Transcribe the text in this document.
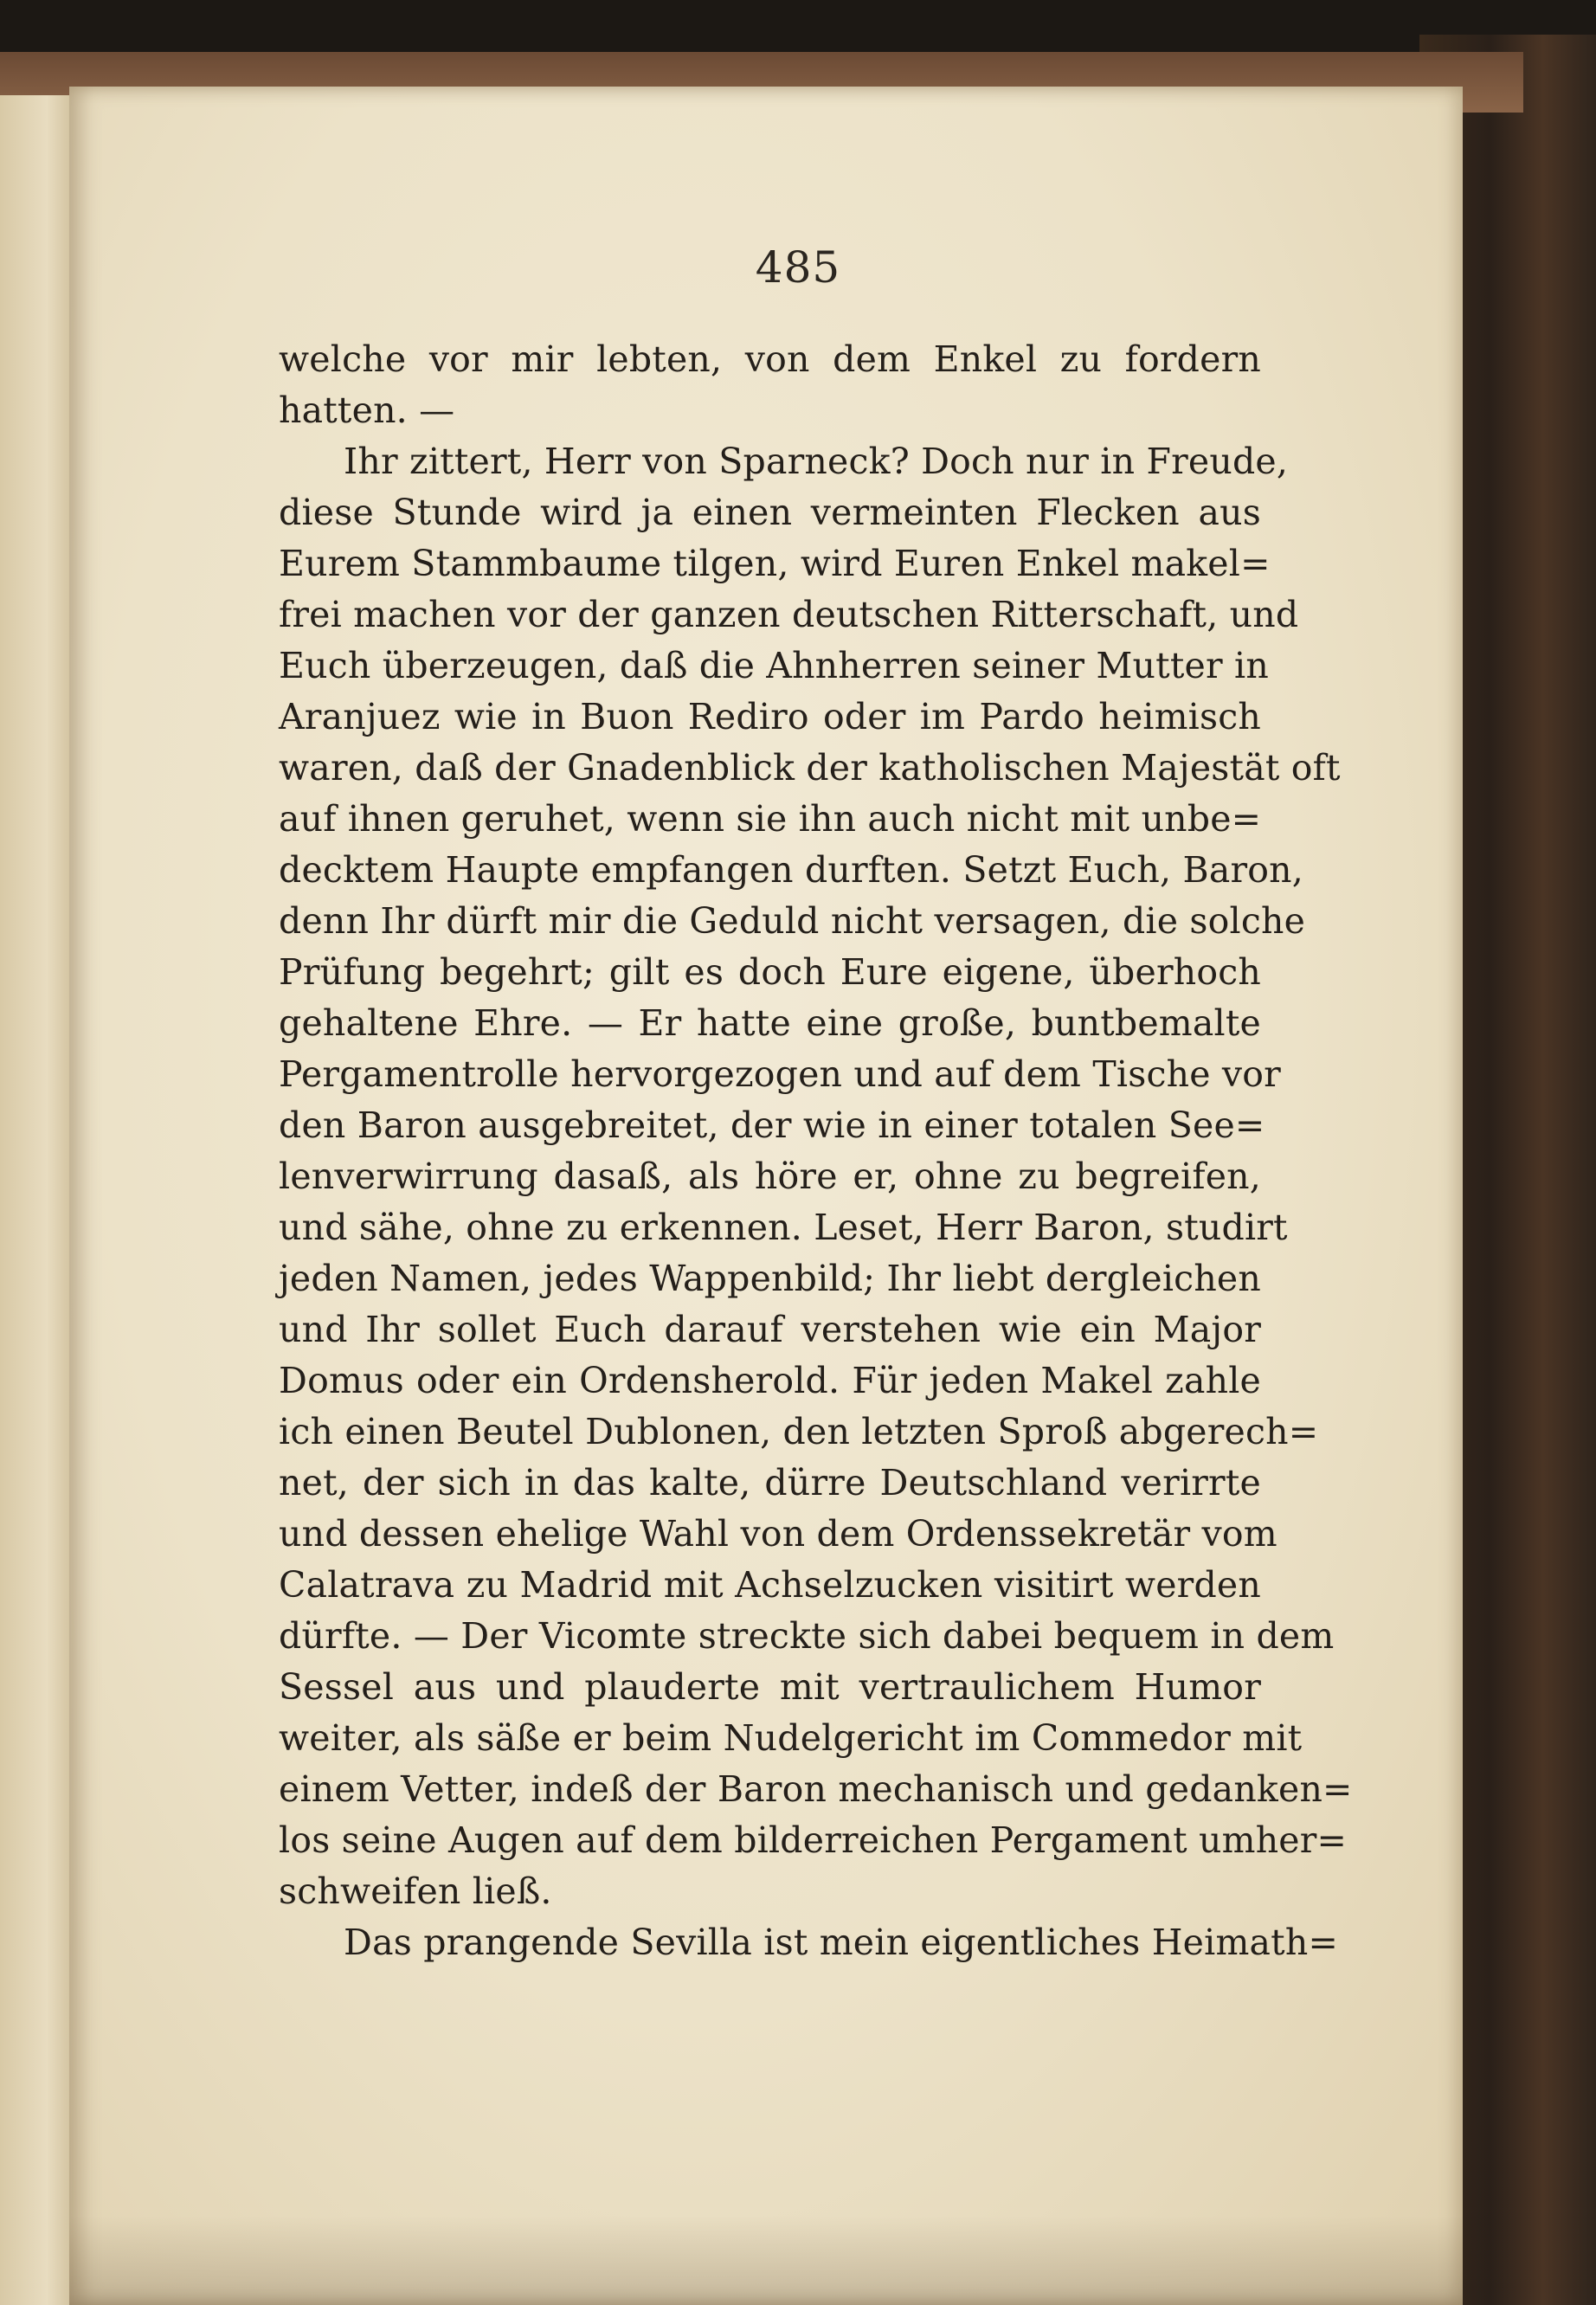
485
welche vor mir lebten, von dem Enkel zu fordern
hatten. —
Ihr zittert, Herr von Sparneck? Doch nur in Freude,
diese Stunde wird ja einen vermeinten Flecken aus
Eurem Stammbaume tilgen, wird Euren Enkel makel=
frei machen vor der ganzen deutschen Ritterschaft, und
Euch überzeugen, daß die Ahnherren seiner Mutter in
Aranjuez wie in Buon Rediro oder im Pardo heimisch
waren, daß der Gnadenblick der katholischen Majestät oft
auf ihnen geruhet, wenn sie ihn auch nicht mit unbe=
decktem Haupte empfangen durften. Setzt Euch, Baron,
denn Ihr dürft mir die Geduld nicht versagen, die solche
Prüfung begehrt; gilt es doch Eure eigene, überhoch
gehaltene Ehre. — Er hatte eine große, buntbemalte
Pergamentrolle hervorgezogen und auf dem Tische vor
den Baron ausgebreitet, der wie in einer totalen See=
lenverwirrung dasaß, als höre er, ohne zu begreifen,
und sähe, ohne zu erkennen. Leset, Herr Baron, studirt
jeden Namen, jedes Wappenbild; Ihr liebt dergleichen
und Ihr sollet Euch darauf verstehen wie ein Major
Domus oder ein Ordensherold. Für jeden Makel zahle
ich einen Beutel Dublonen, den letzten Sproß abgerech=
net, der sich in das kalte, dürre Deutschland verirrte
und dessen ehelige Wahl von dem Ordenssekretär vom
Calatrava zu Madrid mit Achselzucken visitirt werden
dürfte. — Der Vicomte streckte sich dabei bequem in dem
Sessel aus und plauderte mit vertraulichem Humor
weiter, als säße er beim Nudelgericht im Commedor mit
einem Vetter, indeß der Baron mechanisch und gedanken=
los seine Augen auf dem bilderreichen Pergament umher=
schweifen ließ.
Das prangende Sevilla ist mein eigentliches Heimath=
